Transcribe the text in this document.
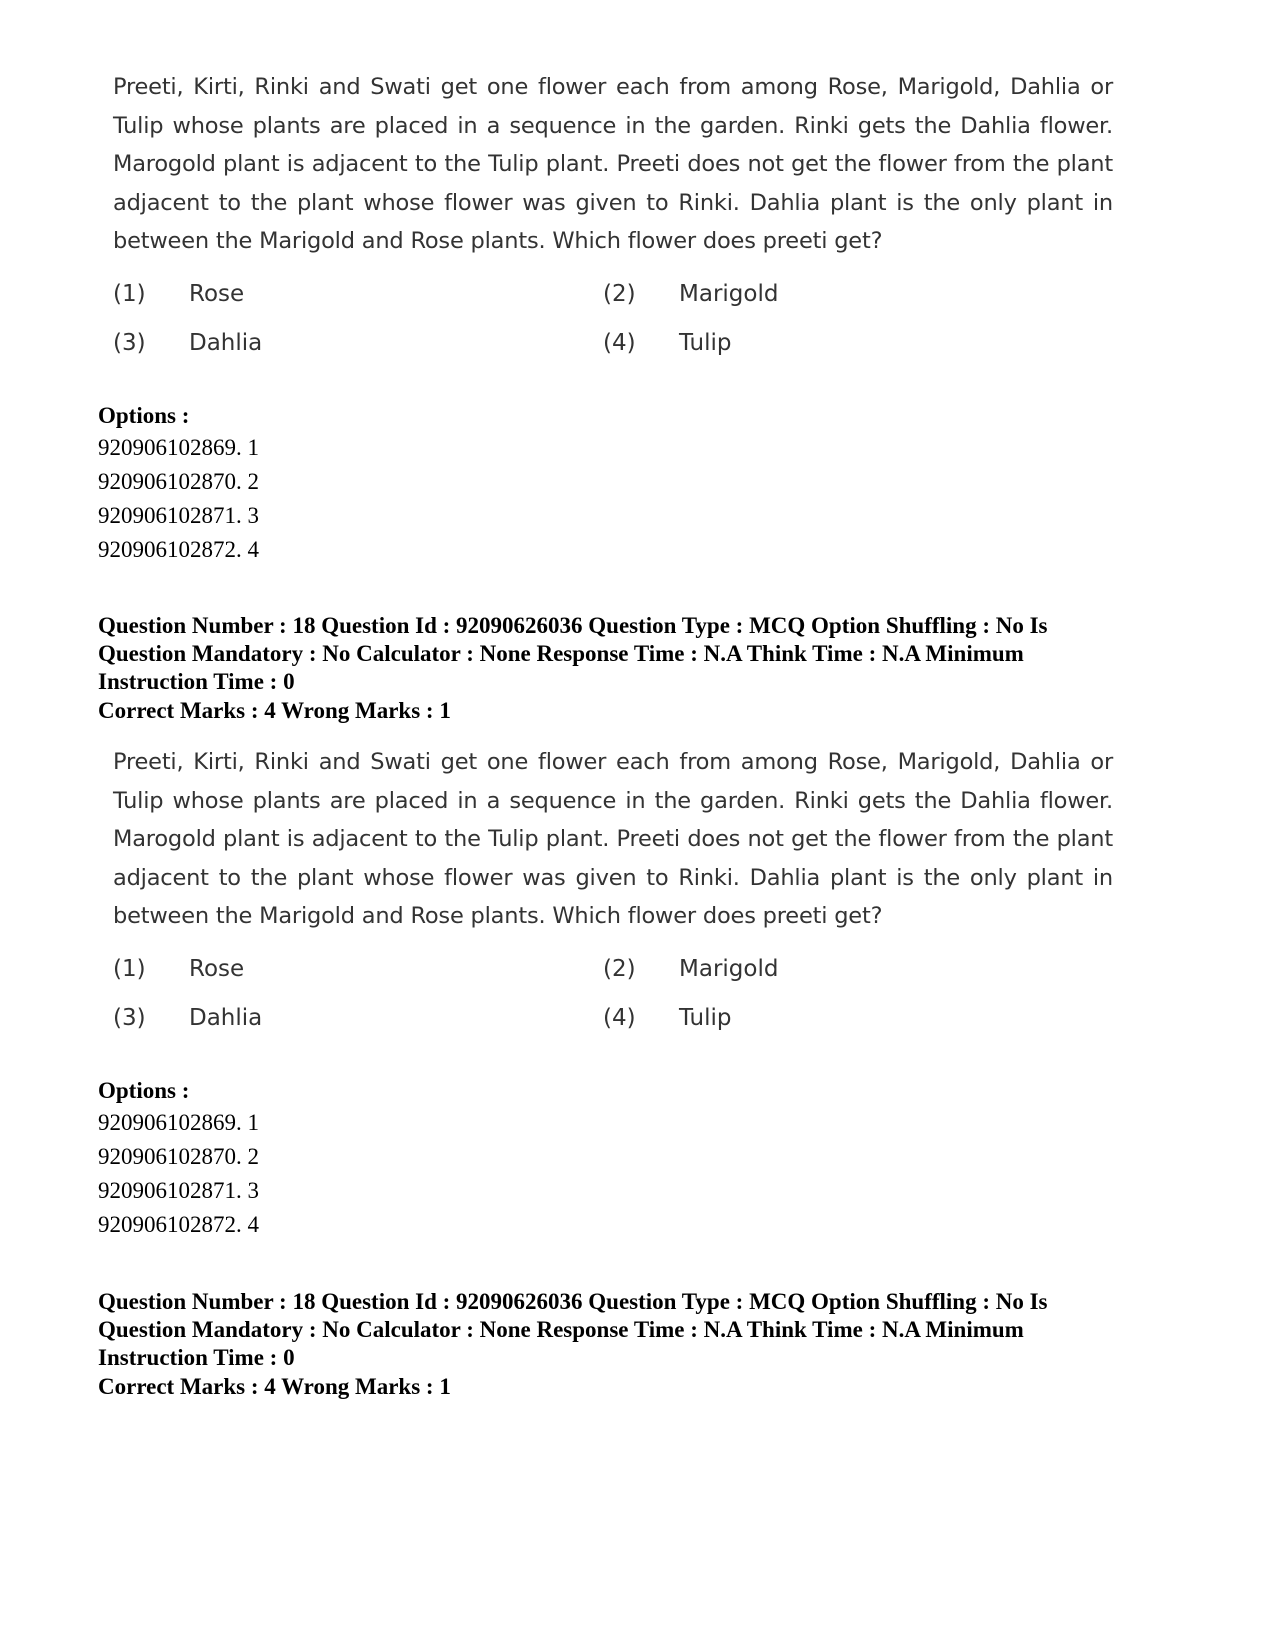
Preeti, Kirti, Rinki and Swati get one flower each from among Rose, Marigold, Dahlia or Tulip whose plants are placed in a sequence in the garden. Rinki gets the Dahlia flower. Marogold plant is adjacent to the Tulip plant. Preeti does not get the flower from the plant adjacent to the plant whose flower was given to Rinki. Dahlia plant is the only plant in between the Marigold and Rose plants. Which flower does preeti get?

(1) Rose	(2) Marigold
(3) Dahlia	(4) Tulip
Options :
920906102869. 1
920906102870. 2
920906102871. 3
920906102872. 4

Question Number : 18 Question Id : 92090626036 Question Type : MCQ Option Shuffling : No Is

Question Mandatory : No Calculator : None Response Time : N.A Think Time : N.A Minimum

Instruction Time : 0

Correct Marks : 4 Wrong Marks : 1

Preeti, Kirti, Rinki and Swati get one flower each from among Rose, Marigold, Dahlia or Tulip whose plants are placed in a sequence in the garden. Rinki gets the Dahlia flower. Marogold plant is adjacent to the Tulip plant. Preeti does not get the flower from the plant adjacent to the plant whose flower was given to Rinki. Dahlia plant is the only plant in between the Marigold and Rose plants. Which flower does preeti get?

(1) Rose	(2) Marigold
(3) Dahlia	(4) Tulip
Options :
920906102869. 1
920906102870. 2
920906102871. 3
920906102872. 4

Question Number : 18 Question Id : 92090626036 Question Type : MCQ Option Shuffling : No Is

Question Mandatory : No Calculator : None Response Time : N.A Think Time : N.A Minimum

Instruction Time : 0

Correct Marks : 4 Wrong Marks : 1
